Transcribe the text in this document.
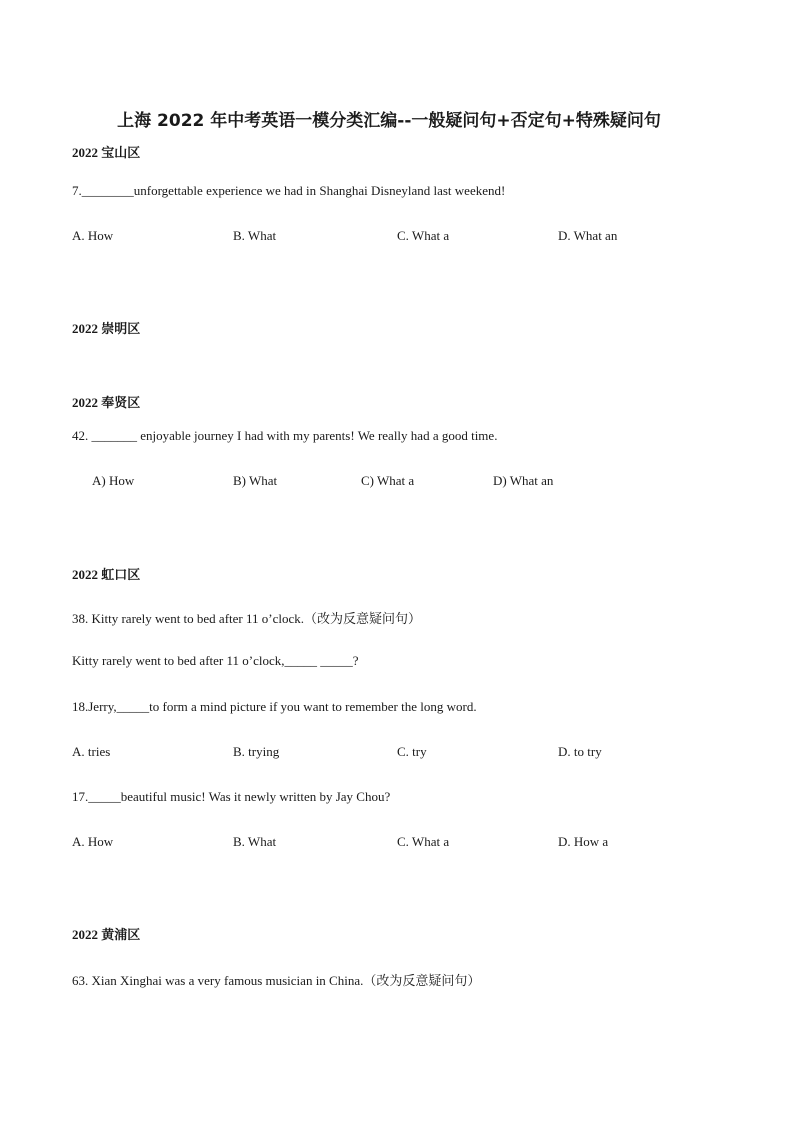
上海 2022 年中考英语一模分类汇编--一般疑问句+否定句+特殊疑问句
2022 宝山区
7.________unforgettable experience we had in Shanghai Disneyland last weekend!
A. How	B. What	C. What a	D. What an
2022 崇明区
2022 奉贤区
42. _______ enjoyable journey I had with my parents! We really had a good time.
A) How	B) What	C) What a	D) What an
2022 虹口区
38. Kitty rarely went to bed after 11 o’clock.（改为反意疑问句）
Kitty rarely went to bed after 11 o’clock,_____ _____?
18.Jerry,_____to form a mind picture if you want to remember the long word.
A. tries	B. trying	C. try	D. to try
17._____beautiful music! Was it newly written by Jay Chou?
A. How	B. What	C. What a	D. How a
2022 黄浦区
63. Xian Xinghai was a very famous musician in China.（改为反意疑问句）
